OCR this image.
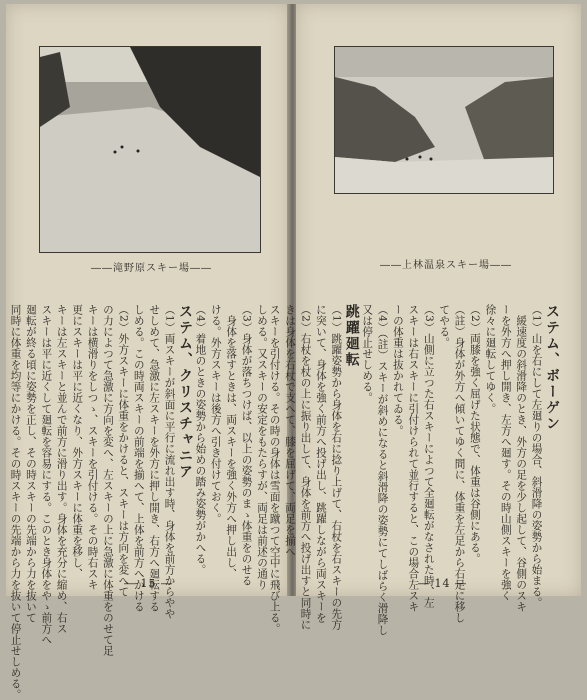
――滝野原スキー場――
しめる。又スキーの安定をもたらすが、両足は前述の通り
（3）身体が落ちつけば、以上の姿勢のまゝ体重をのせる
　身体を落すときは、両スキーを強く外方へ押し出し、
ける。外方スキーは後方へ引き付けておく。
（4）着地のときの姿勢から始めの踏み姿勢がかへる。
ステム、クリスチャニア
（1）両スキーが斜面に平行に流れ出す時、身体を前方からやや
せしめて、急激に左スキーを外方に押し開き、右方へ廻転する
しめる。この時両スキーの前端を揃へて、上体を前方へかける
（2）外方スキーに体重をかけると、スキーは方向を変へて
の力によつて急激に方向を変へ、左スキーの上に急激に体重をのせて足
キーは横滑りをしつゝ、スキーを引付ける。その時右スキ
更にスキーは平に近くなり、外方スキーに体重を移し、
キーは左スキーと並んで前方に滑り出す。身体を充分に縮め、右ス
スキーは平に近くして廻転を容易にする。このとき身体をやゝ前方へ
廻転が終る頃に姿勢を正し、その時スキーの先端から力を抜いて
同時に体重を均等にかける。その時スキーの先端から力を抜いて停止せしめる。	― 15 ―
――上林温泉スキー場――
ステム、ボーゲン
（1）山を右にして左廻りの場合、斜滑降の姿勢から始まる。
　緩速度の斜滑降のとき、外方の足を少し起して、谷側のスキ
ーを外方へ押し開き、左方へ廻す。その時山側スキーを強く
徐々に廻転してゆく。
（2）両膝を強く屈げた状態で、体重は谷側にある。
（註）身体が外方へ傾いてゆく間に、体重を左足から右足に移し
てやる。
（3）山側に立つた右スキーによつて全廻転がなされた時、左
スキーは右スキーに引付けられて並行すると、この場合左スキ
ーの体重は抜かれてゐる。
（4）（註）スキーが斜めになると斜滑降の姿勢にてしばらく滑降し
又は停止せしめる。
跳躍廻転
（1）跳躍姿勢から身体を右に捻り上げて、右杖を右スキーの先方
に突いて、身体を強く前方へ投げ出し、跳躍しながら両スキーを
（2）右杖を杖の上に振り出して、身体を前方へ投げ出すと同時に
きは身体を右杖で支へて、膝を屈げて、両足を揃へ
スキーを引付ける。その時の身体は雪面を蹴つて空中に飛び上る。	― 14 ―
